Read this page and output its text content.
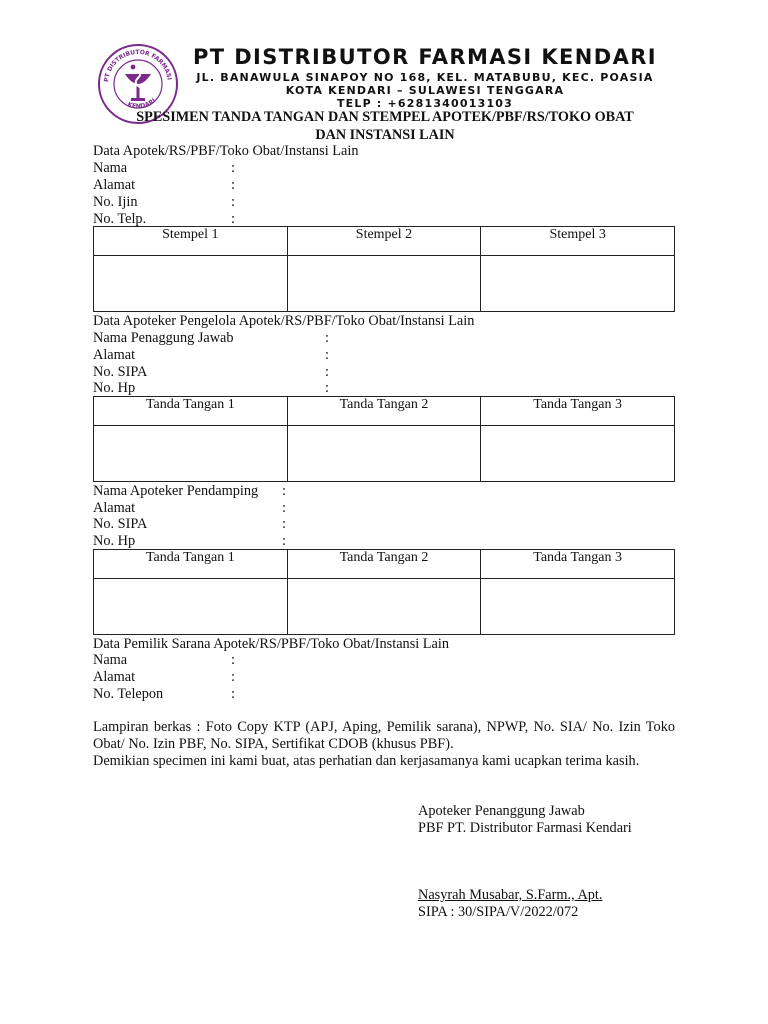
PT DISTRIBUTOR FARMASI
KENDARI
PT DISTRIBUTOR FARMASI KENDARI
JL. BANAWULA SINAPOY NO 168, KEL. MATABUBU, KEC. POASIA
KOTA KENDARI – SULAWESI TENGGARA
TELP : +6281340013103
SPESIMEN TANDA TANGAN DAN STEMPEL APOTEK/PBF/RS/TOKO OBAT
DAN INSTANSI LAIN
Data Apotek/RS/PBF/Toko Obat/Instansi Lain
Nama	:
Alamat	:
No. Ijin	:
No. Telp.	:
Stempel 1	Stempel 2	Stempel 3

Data Apoteker Pengelola Apotek/RS/PBF/Toko Obat/Instansi Lain
Nama Penaggung Jawab	:
Alamat	:
No. SIPA	:
No. Hp	:
Tanda Tangan 1	Tanda Tangan 2	Tanda Tangan 3

Nama Apoteker Pendamping :
Alamat	:
No. SIPA	:
No. Hp	:
Tanda Tangan 1	Tanda Tangan 2	Tanda Tangan 3

Data Pemilik Sarana Apotek/RS/PBF/Toko Obat/Instansi Lain
Nama	:
Alamat	:
No. Telepon	:
Lampiran berkas : Foto Copy KTP (APJ, Aping, Pemilik sarana), NPWP, No. SIA/ No. Izin Toko Obat/ No. Izin PBF, No. SIPA, Sertifikat CDOB (khusus PBF).
Demikian specimen ini kami buat, atas perhatian dan kerjasamanya kami ucapkan terima kasih.
Apoteker Penanggung Jawab
PBF PT. Distributor Farmasi Kendari
Nasyrah Musabar, S.Farm., Apt.
SIPA : 30/SIPA/V/2022/072
